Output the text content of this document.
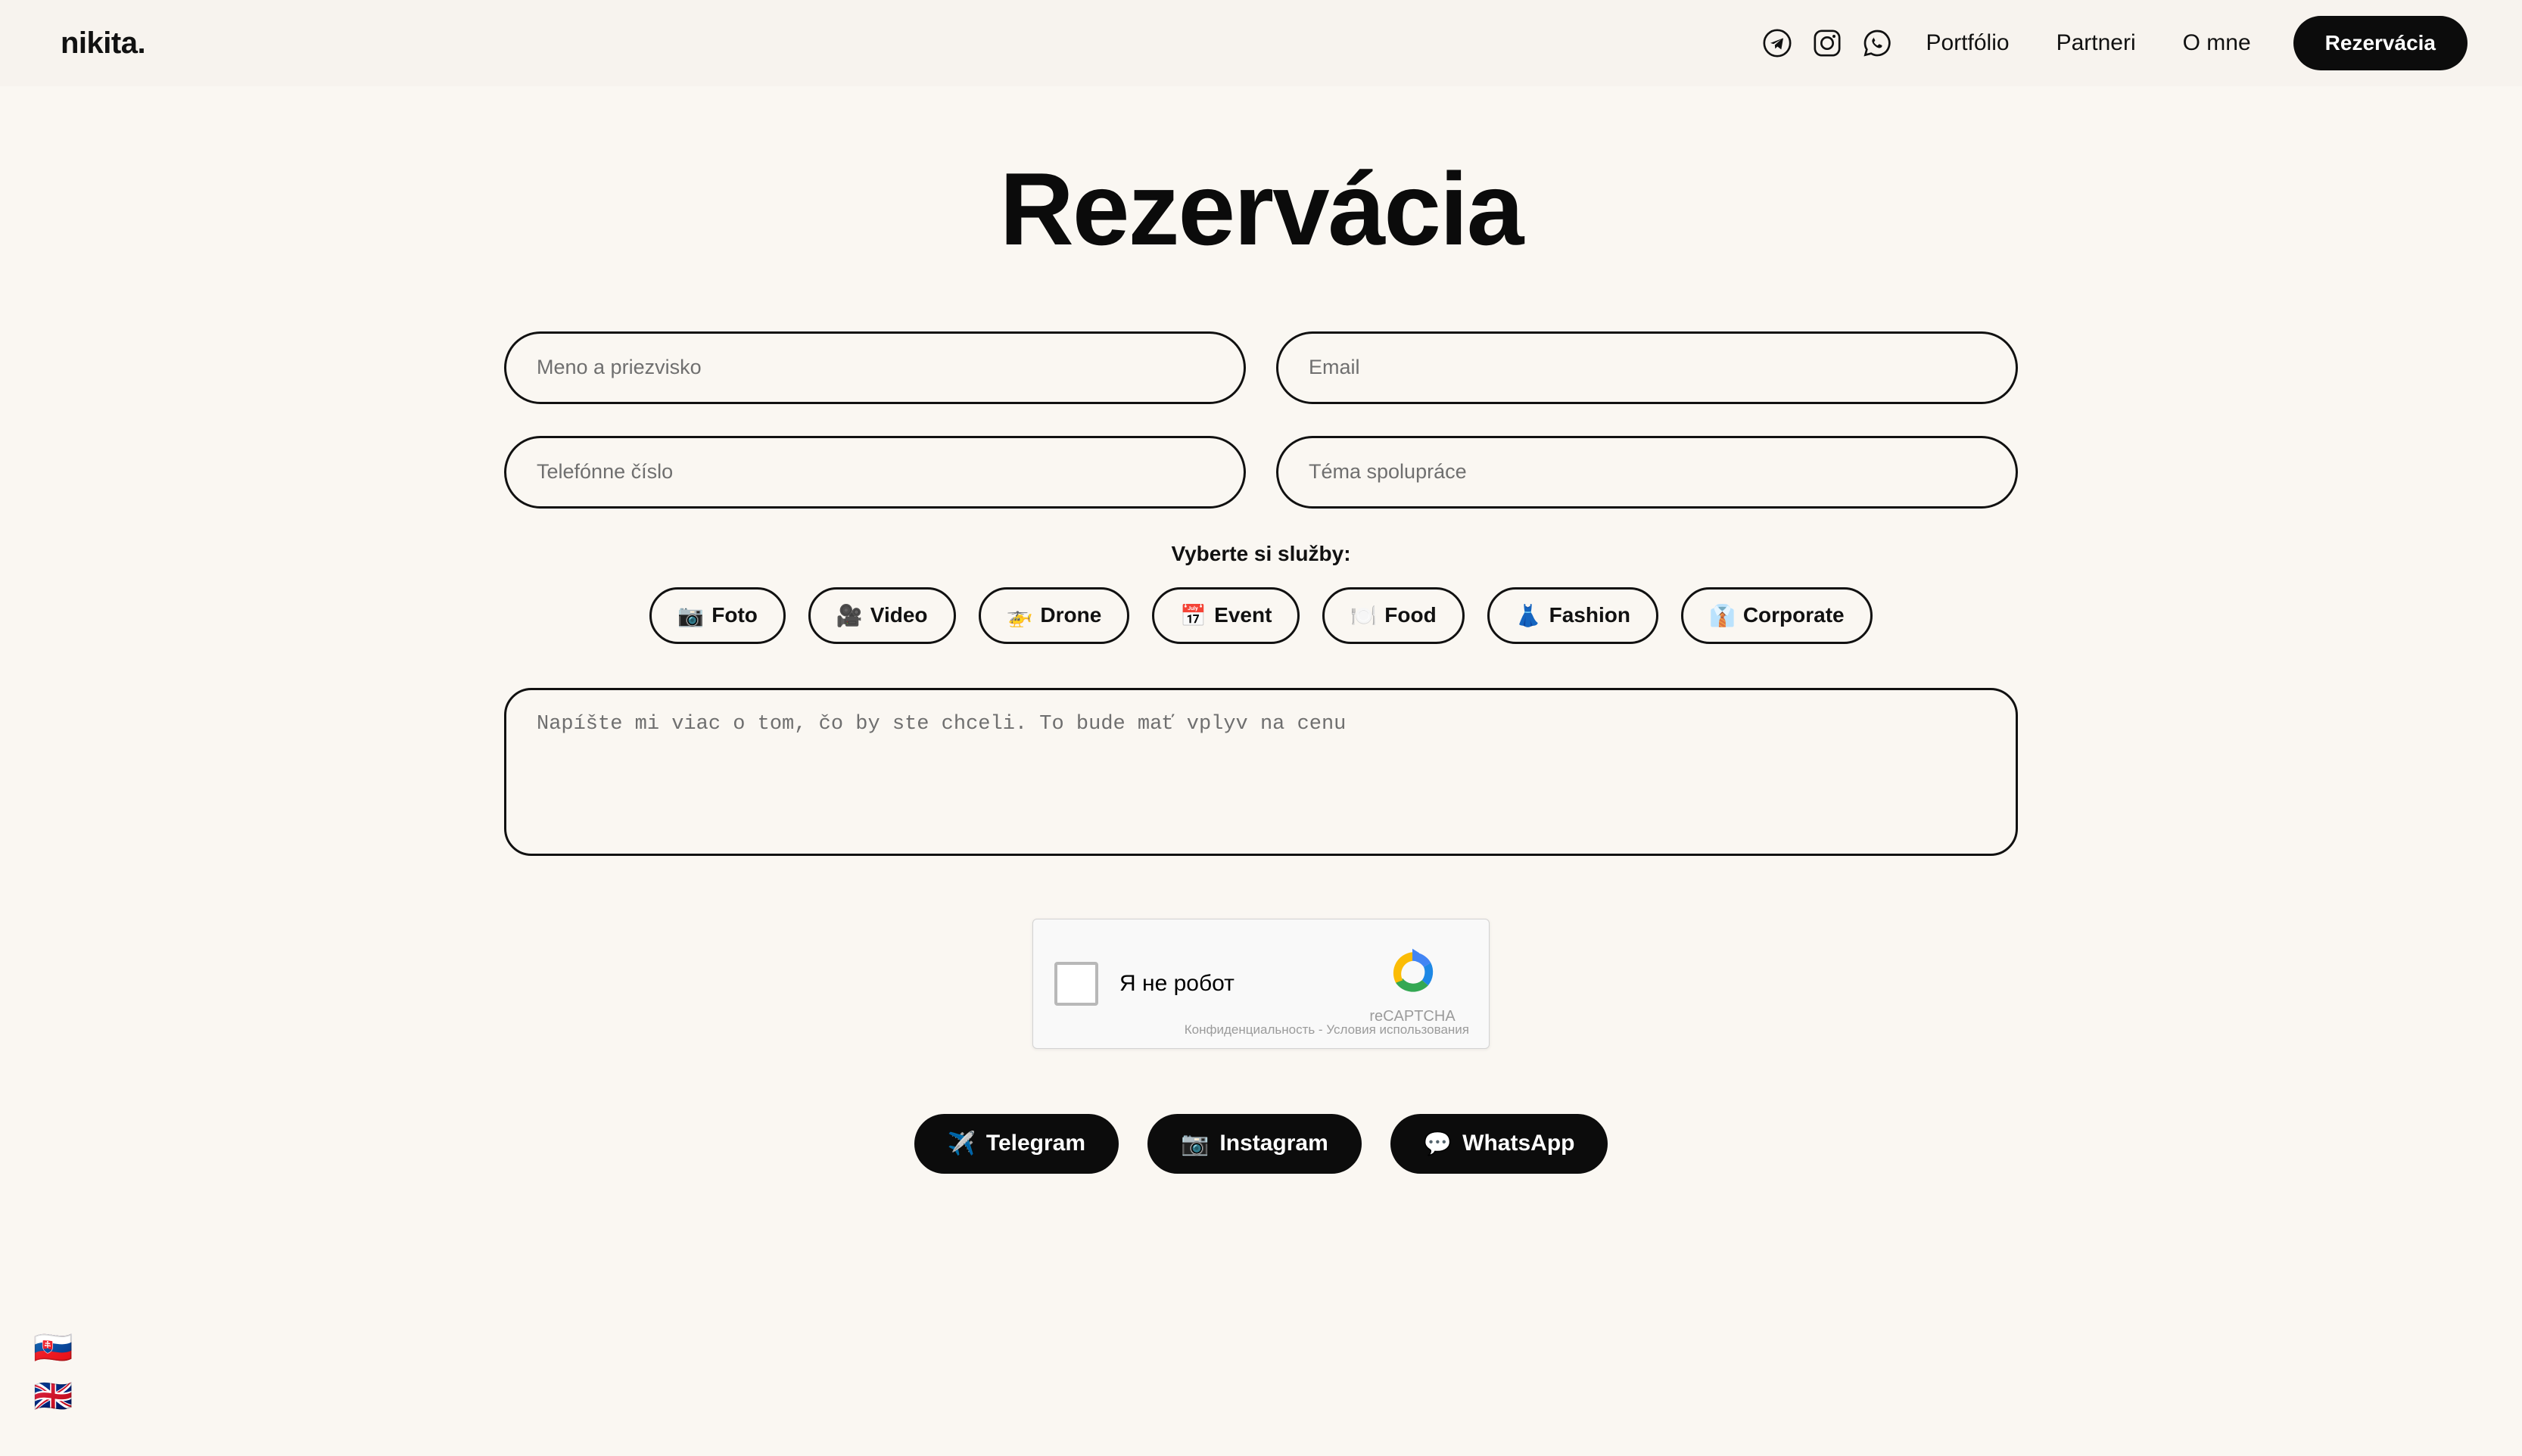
nikita.	Portfólio Partneri O mne	Rezervácia
Rezervácia
Meno a priezvisko
Email
Telefónne číslo
Téma spolupráce
Vyberte si služby:
📷 Foto	🎥 Video	🚁 Drone	📅 Event	🍽️ Food	👗 Fashion	👔 Corporate
Napíšte mi viac o tom, čo by ste chceli. To bude mať vplyv na cenu
Я не робот
reCAPTCHA
Конфиденциальность - Условия использования
✈️ Telegram	📷 Instagram	💬 WhatsApp
🇸🇰
🇬🇧
